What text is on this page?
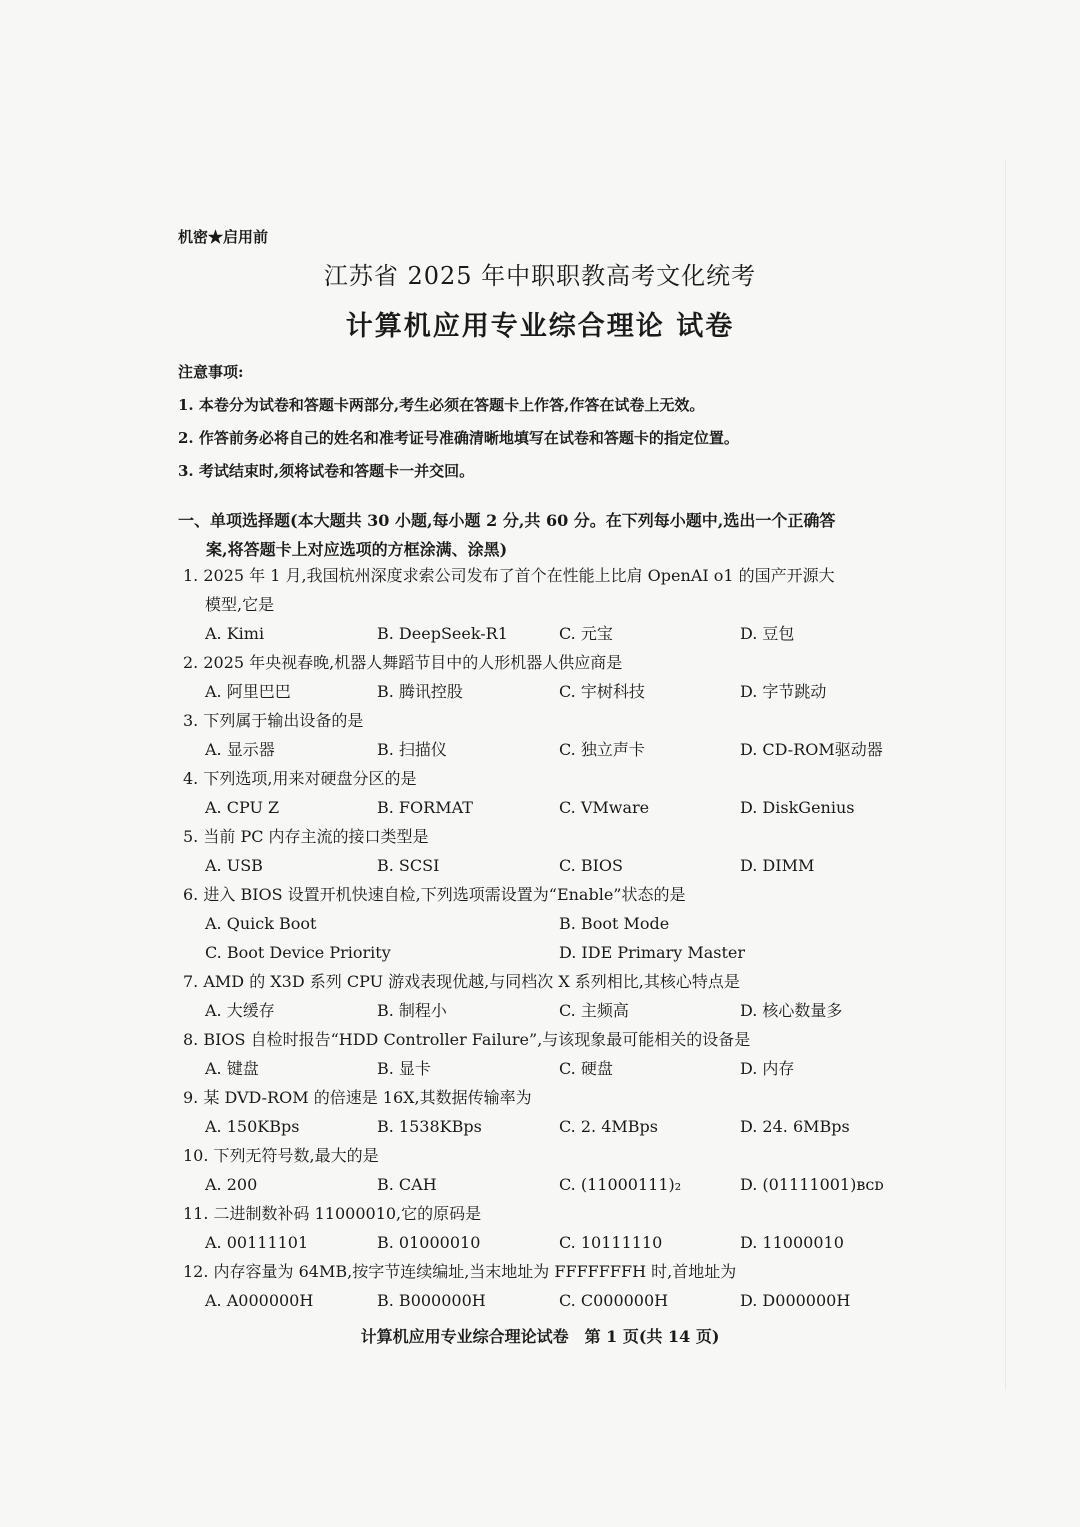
机密★启用前
江苏省 2025 年中职职教高考文化统考
计算机应用专业综合理论 试卷
注意事项:
1. 本卷分为试卷和答题卡两部分,考生必须在答题卡上作答,作答在试卷上无效。
2. 作答前务必将自己的姓名和准考证号准确清晰地填写在试卷和答题卡的指定位置。
3. 考试结束时,须将试卷和答题卡一并交回。
一、单项选择题(本大题共 30 小题,每小题 2 分,共 60 分。在下列每小题中,选出一个正确答
案,将答题卡上对应选项的方框涂满、涂黑)
1. 2025 年 1 月,我国杭州深度求索公司发布了首个在性能上比肩 OpenAI o1 的国产开源大
模型,它是
A. Kimi	B. DeepSeek-R1	C. 元宝	D. 豆包
2. 2025 年央视春晚,机器人舞蹈节目中的人形机器人供应商是
A. 阿里巴巴	B. 腾讯控股	C. 宇树科技	D. 字节跳动
3. 下列属于输出设备的是
A. 显示器	B. 扫描仪	C. 独立声卡	D. CD-ROM驱动器
4. 下列选项,用来对硬盘分区的是
A. CPU Z	B. FORMAT	C. VMware	D. DiskGenius
5. 当前 PC 内存主流的接口类型是
A. USB	B. SCSI	C. BIOS	D. DIMM
6. 进入 BIOS 设置开机快速自检,下列选项需设置为“Enable”状态的是
A. Quick Boot	B. Boot Mode
C. Boot Device Priority	D. IDE Primary Master
7. AMD 的 X3D 系列 CPU 游戏表现优越,与同档次 X 系列相比,其核心特点是
A. 大缓存	B. 制程小	C. 主频高	D. 核心数量多
8. BIOS 自检时报告“HDD Controller Failure”,与该现象最可能相关的设备是
A. 键盘	B. 显卡	C. 硬盘	D. 内存
9. 某 DVD-ROM 的倍速是 16X,其数据传输率为
A. 150KBps	B. 1538KBps	C. 2. 4MBps	D. 24. 6MBps
10. 下列无符号数,最大的是
A. 200	B. CAH	C. (11000111)₂	D. (01111001)ʙᴄᴅ
11. 二进制数补码 11000010,它的原码是
A. 00111101	B. 01000010	C. 10111110	D. 11000010
12. 内存容量为 64MB,按字节连续编址,当末地址为 FFFFFFFH 时,首地址为
A. A000000H	B. B000000H	C. C000000H	D. D000000H
计算机应用专业综合理论试卷　第 1 页(共 14 页)
